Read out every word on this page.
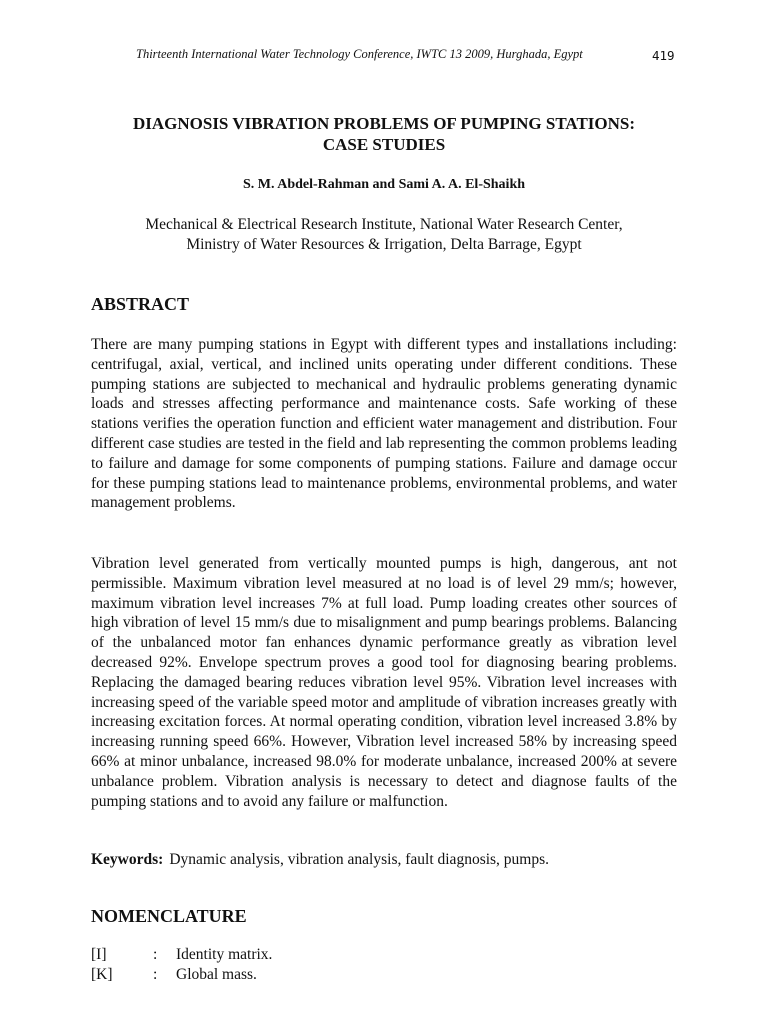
Thirteenth International Water Technology Conference, IWTC 13 2009, Hurghada, Egypt	419
DIAGNOSIS VIBRATION PROBLEMS OF PUMPING STATIONS:
CASE STUDIES
S. M. Abdel-Rahman and Sami A. A. El-Shaikh
Mechanical & Electrical Research Institute, National Water Research Center,
Ministry of Water Resources & Irrigation, Delta Barrage, Egypt
ABSTRACT

There are many pumping stations in Egypt with different types and installations including: centrifugal, axial, vertical, and inclined units operating under different conditions. These pumping stations are subjected to mechanical and hydraulic problems generating dynamic loads and stresses affecting performance and maintenance costs. Safe working of these stations verifies the operation function and efficient water management and distribution. Four different case studies are tested in the field and lab representing the common problems leading to failure and damage for some components of pumping stations. Failure and damage occur for these pumping stations lead to maintenance problems, environmental problems, and water management problems.

Vibration level generated from vertically mounted pumps is high, dangerous, ant not permissible. Maximum vibration level measured at no load is of level 29 mm/s; however, maximum vibration level increases 7% at full load. Pump loading creates other sources of high vibration of level 15 mm/s due to misalignment and pump bearings problems. Balancing of the unbalanced motor fan enhances dynamic performance greatly as vibration level decreased 92%. Envelope spectrum proves a good tool for diagnosing bearing problems. Replacing the damaged bearing reduces vibration level 95%. Vibration level increases with increasing speed of the variable speed motor and amplitude of vibration increases greatly with increasing excitation forces. At normal operating condition, vibration level increased 3.8% by increasing running speed 66%. However, Vibration level increased 58% by increasing speed 66% at minor unbalance, increased 98.0% for moderate unbalance, increased 200% at severe unbalance problem. Vibration analysis is necessary to detect and diagnose faults of the pumping stations and to avoid any failure or malfunction.

Keywords: Dynamic analysis, vibration analysis, fault diagnosis, pumps.
NOMENCLATURE
[I]	: Identity matrix.
[K]	: Global mass.
